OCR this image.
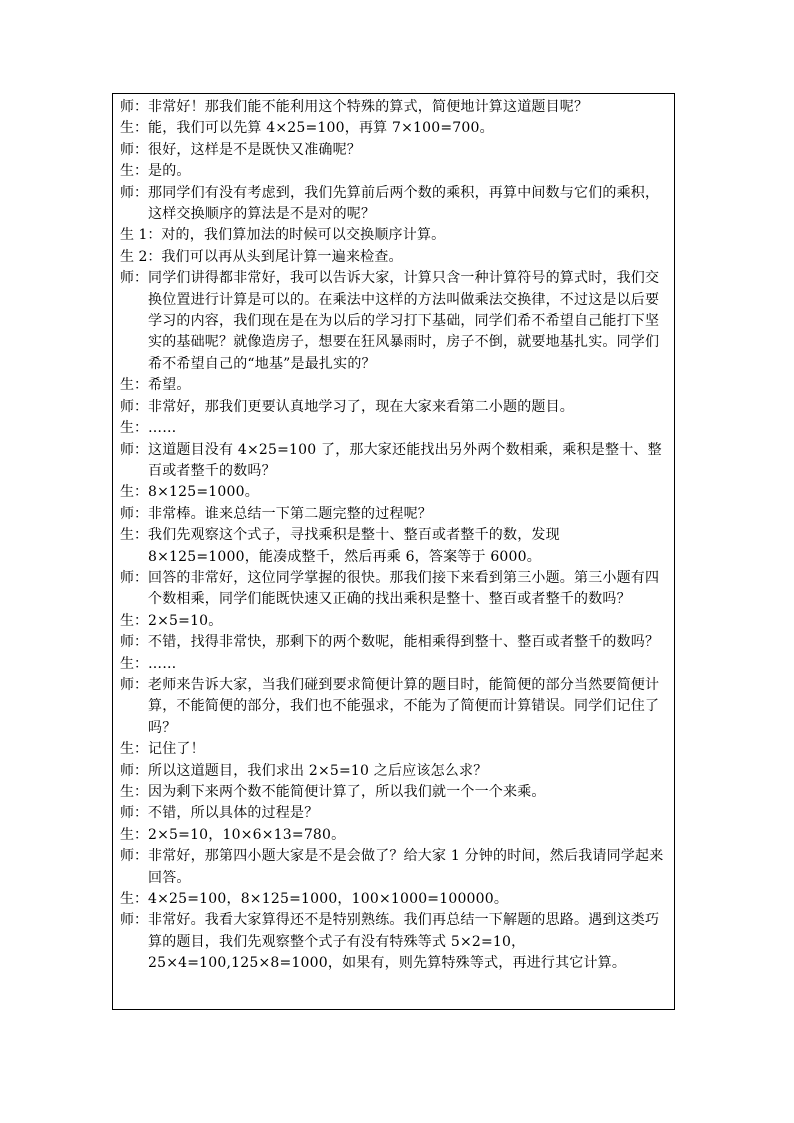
师： 非常好！那我们能不能利用这个特殊的算式，简便地计算这道题目呢？
生： 能，我们可以先算 4×25=100，再算 7×100=700。
师： 很好，这样是不是既快又准确呢？
生： 是的。
师： 那同学们有没有考虑到，我们先算前后两个数的乘积，再算中间数与它们的乘积，这样交换顺序的算法是不是对的呢？
生 1： 对的，我们算加法的时候可以交换顺序计算。
生 2： 我们可以再从头到尾计算一遍来检查。
师： 同学们讲得都非常好，我可以告诉大家，计算只含一种计算符号的算式时，我们交换位置进行计算是可以的。在乘法中这样的方法叫做乘法交换律，不过这是以后要学习的内容，我们现在是在为以后的学习打下基础，同学们希不希望自己能打下坚实的基础呢？就像造房子，想要在狂风暴雨时，房子不倒，就要地基扎实。同学们希不希望自己的“地基”是最扎实的？
生： 希望。
师： 非常好，那我们更要认真地学习了，现在大家来看第二小题的题目。
生： ……
师： 这道题目没有 4×25=100 了，那大家还能找出另外两个数相乘，乘积是整十、整百或者整千的数吗？
生： 8×125=1000。
师： 非常棒。谁来总结一下第二题完整的过程呢？
生： 我们先观察这个式子，寻找乘积是整十、整百或者整千的数，发现 8×125=1000，能凑成整千，然后再乘 6，答案等于 6000。
师： 回答的非常好，这位同学掌握的很快。那我们接下来看到第三小题。第三小题有四个数相乘，同学们能既快速又正确的找出乘积是整十、整百或者整千的数吗？
生： 2×5=10。
师： 不错，找得非常快，那剩下的两个数呢，能相乘得到整十、整百或者整千的数吗？
生： ……
师： 老师来告诉大家，当我们碰到要求简便计算的题目时，能简便的部分当然要简便计算，不能简便的部分，我们也不能强求，不能为了简便而计算错误。同学们记住了吗？
生： 记住了！
师： 所以这道题目，我们求出 2×5=10 之后应该怎么求？
生： 因为剩下来两个数不能简便计算了，所以我们就一个一个来乘。
师： 不错，所以具体的过程是？
生： 2×5=10，10×6×13=780。
师： 非常好，那第四小题大家是不是会做了？给大家 1 分钟的时间，然后我请同学起来回答。
生： 4×25=100，8×125=1000，100×1000=100000。
师： 非常好。我看大家算得还不是特别熟练。我们再总结一下解题的思路。遇到这类巧算的题目，我们先观察整个式子有没有特殊等式 5×2=10，25×4=100,125×8=1000，如果有，则先算特殊等式，再进行其它计算。
